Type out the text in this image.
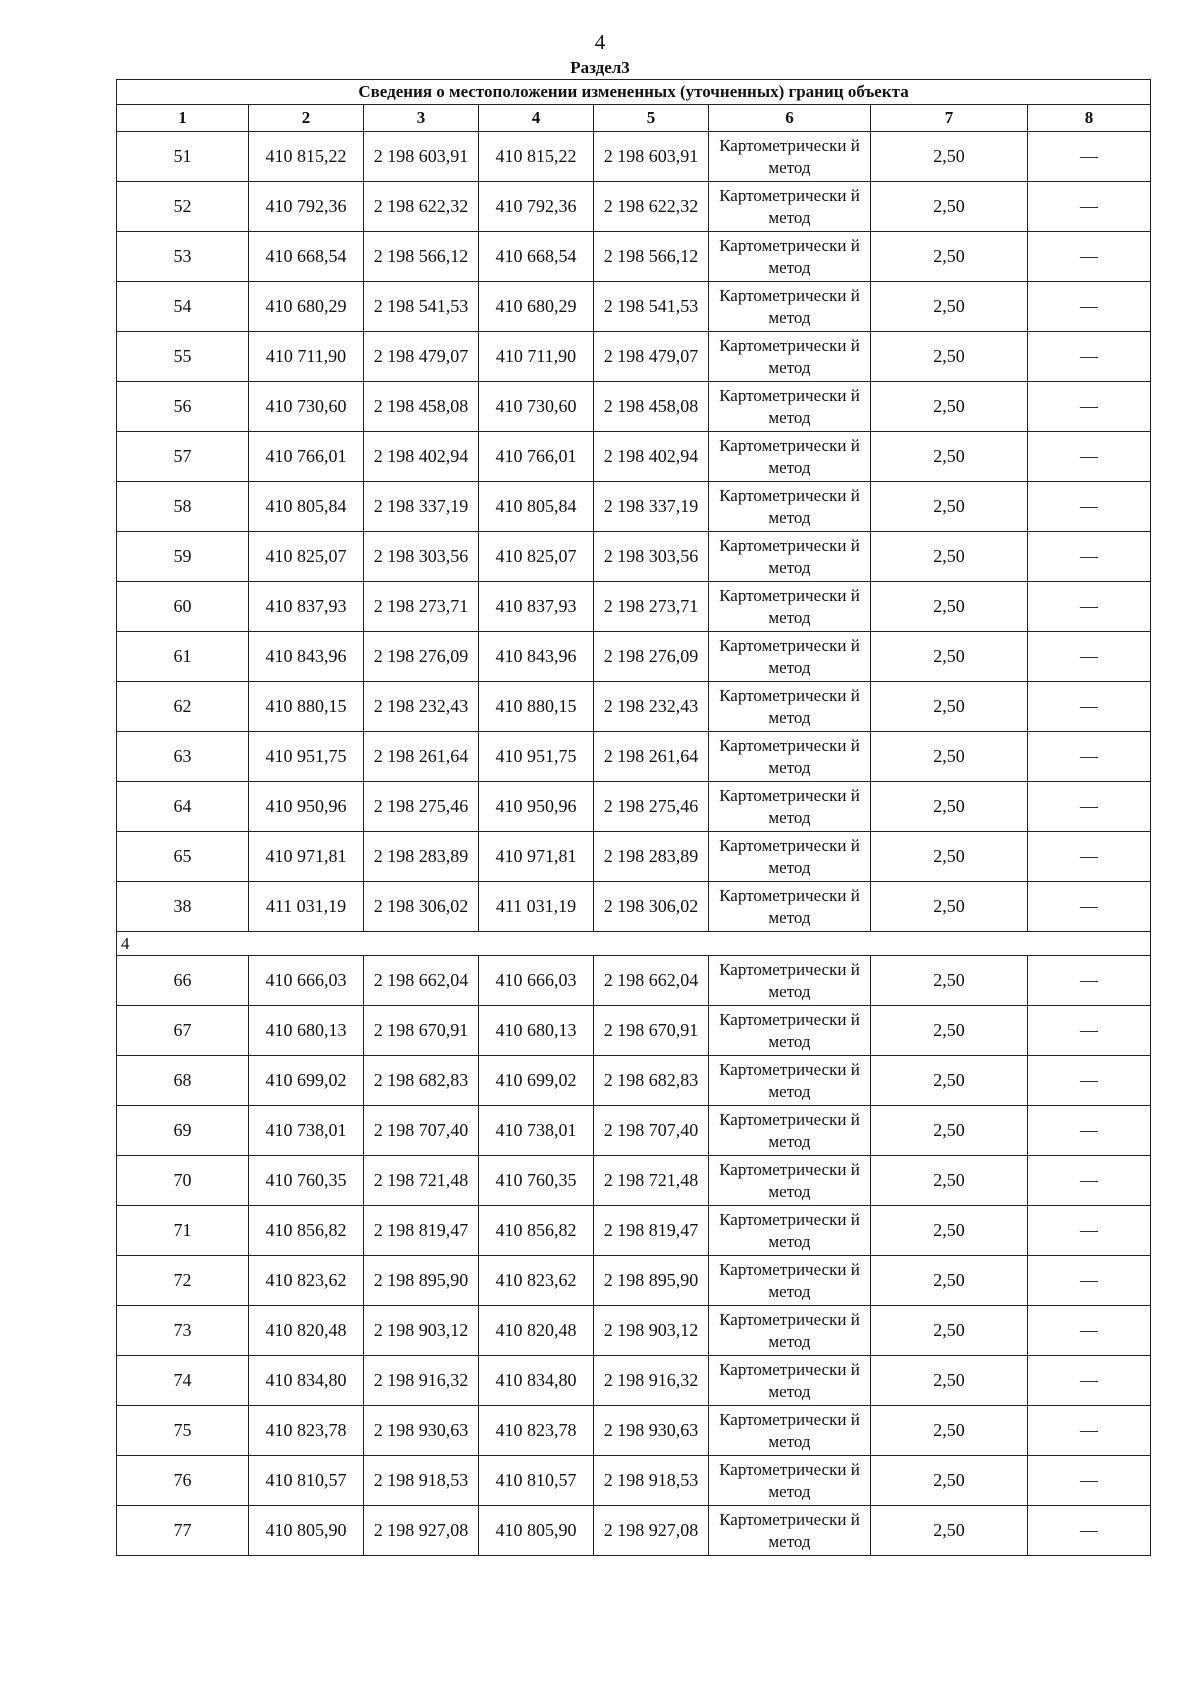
4
Раздел3
Сведения о местоположении измененных (уточненных) границ объекта							
1	2	3	4	5	6	7	8
51	410 815,22	2 198 603,91	410 815,22	2 198 603,91	Картометрически й метод	2,50	—
52	410 792,36	2 198 622,32	410 792,36	2 198 622,32	Картометрически й метод	2,50	—
53	410 668,54	2 198 566,12	410 668,54	2 198 566,12	Картометрически й метод	2,50	—
54	410 680,29	2 198 541,53	410 680,29	2 198 541,53	Картометрически й метод	2,50	—
55	410 711,90	2 198 479,07	410 711,90	2 198 479,07	Картометрически й метод	2,50	—
56	410 730,60	2 198 458,08	410 730,60	2 198 458,08	Картометрически й метод	2,50	—
57	410 766,01	2 198 402,94	410 766,01	2 198 402,94	Картометрически й метод	2,50	—
58	410 805,84	2 198 337,19	410 805,84	2 198 337,19	Картометрически й метод	2,50	—
59	410 825,07	2 198 303,56	410 825,07	2 198 303,56	Картометрически й метод	2,50	—
60	410 837,93	2 198 273,71	410 837,93	2 198 273,71	Картометрически й метод	2,50	—
61	410 843,96	2 198 276,09	410 843,96	2 198 276,09	Картометрически й метод	2,50	—
62	410 880,15	2 198 232,43	410 880,15	2 198 232,43	Картометрически й метод	2,50	—
63	410 951,75	2 198 261,64	410 951,75	2 198 261,64	Картометрически й метод	2,50	—
64	410 950,96	2 198 275,46	410 950,96	2 198 275,46	Картометрически й метод	2,50	—
65	410 971,81	2 198 283,89	410 971,81	2 198 283,89	Картометрически й метод	2,50	—
38	411 031,19	2 198 306,02	411 031,19	2 198 306,02	Картометрически й метод	2,50	—
4							
66	410 666,03	2 198 662,04	410 666,03	2 198 662,04	Картометрически й метод	2,50	—
67	410 680,13	2 198 670,91	410 680,13	2 198 670,91	Картометрически й метод	2,50	—
68	410 699,02	2 198 682,83	410 699,02	2 198 682,83	Картометрически й метод	2,50	—
69	410 738,01	2 198 707,40	410 738,01	2 198 707,40	Картометрически й метод	2,50	—
70	410 760,35	2 198 721,48	410 760,35	2 198 721,48	Картометрически й метод	2,50	—
71	410 856,82	2 198 819,47	410 856,82	2 198 819,47	Картометрически й метод	2,50	—
72	410 823,62	2 198 895,90	410 823,62	2 198 895,90	Картометрически й метод	2,50	—
73	410 820,48	2 198 903,12	410 820,48	2 198 903,12	Картометрически й метод	2,50	—
74	410 834,80	2 198 916,32	410 834,80	2 198 916,32	Картометрически й метод	2,50	—
75	410 823,78	2 198 930,63	410 823,78	2 198 930,63	Картометрически й метод	2,50	—
76	410 810,57	2 198 918,53	410 810,57	2 198 918,53	Картометрически й метод	2,50	—
77	410 805,90	2 198 927,08	410 805,90	2 198 927,08	Картометрически й метод	2,50	—
